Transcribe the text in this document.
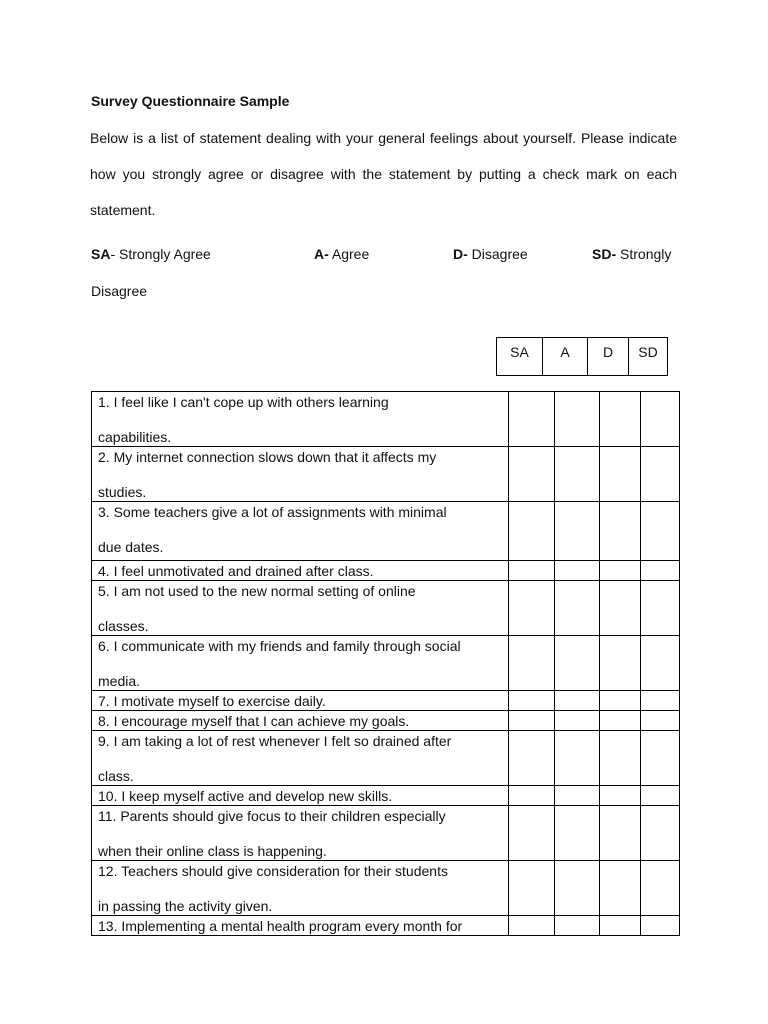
Survey Questionnaire Sample
Below is a list of statement dealing with your general feelings about yourself. Please indicate how you strongly agree or disagree with the statement by putting a check mark on each statement.
SA- Strongly Agree	A- Agree	D- Disagree	SD- Strongly
Disagree
SA	A	D	SD
1. I feel like I can't cope up with others learning
capabilities.				

2. My internet connection slows down that it affects my
studies.				

3. Some teachers give a lot of assignments with minimal
due dates.				

4. I feel unmotivated and drained after class.				

5. I am not used to the new normal setting of online
classes.				

6. I communicate with my friends and family through social
media.				

7. I motivate myself to exercise daily.				

8. I encourage myself that I can achieve my goals.				

9. I am taking a lot of rest whenever I felt so drained after
class.				

10. I keep myself active and develop new skills.				

11. Parents should give focus to their children especially
when their online class is happening.				

12. Teachers should give consideration for their students
in passing the activity given.				

13. Implementing a mental health program every month for				
